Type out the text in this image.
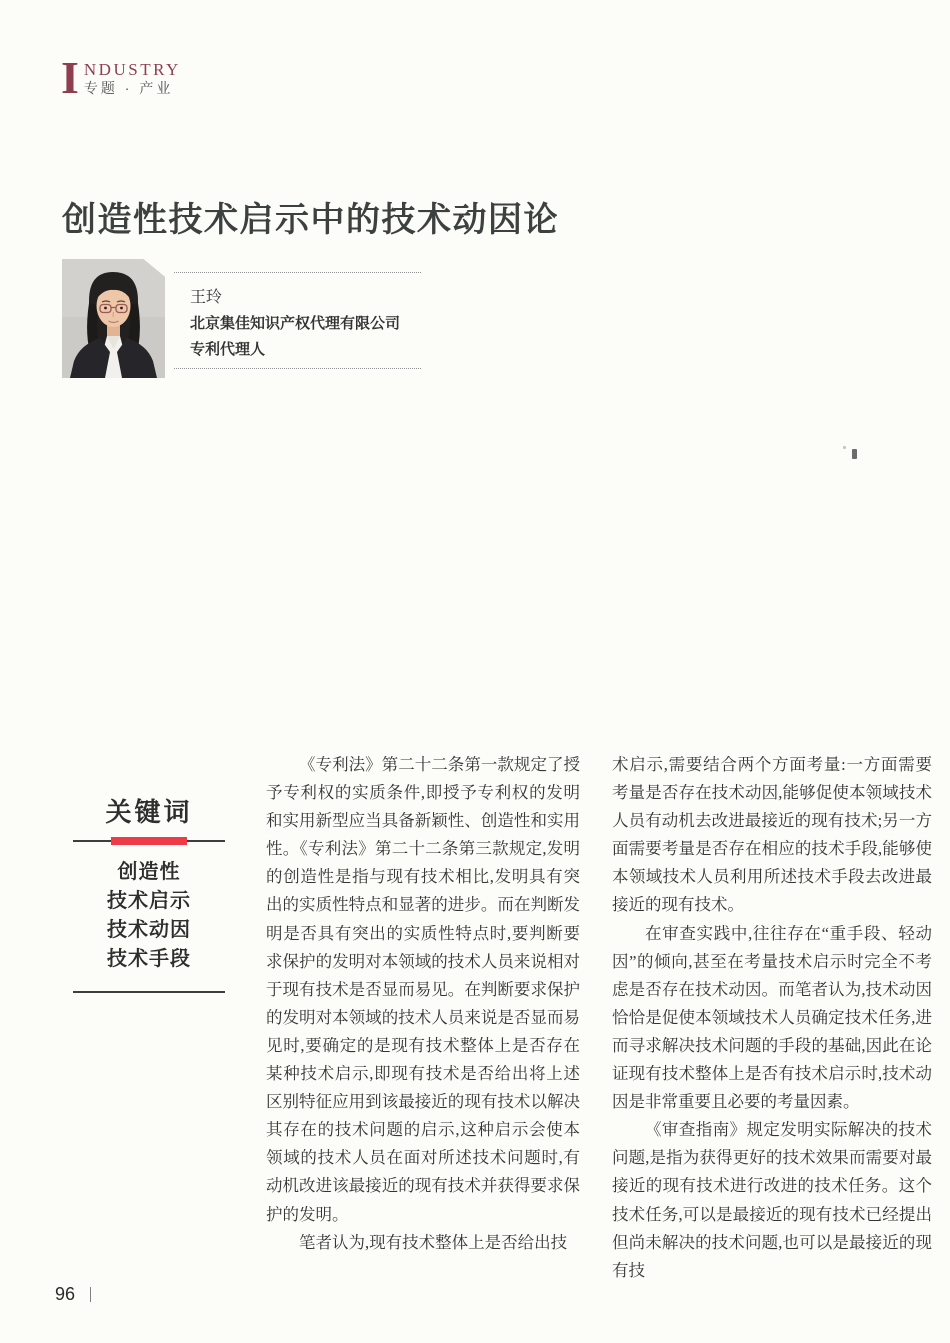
I NDUSTRY
专题 · 产业
创造性技术启示中的技术动因论
王玲
北京集佳知识产权代理有限公司
专利代理人
关键词
创造性
技术启示
技术动因
技术手段

《专利法》第二十二条第一款规定了授予专利权的实质条件,即授予专利权的发明和实用新型应当具备新颖性、创造性和实用性。《专利法》第二十二条第三款规定,发明的创造性是指与现有技术相比,发明具有突出的实质性特点和显著的进步。而在判断发明是否具有突出的实质性特点时,要判断要求保护的发明对本领域的技术人员来说相对于现有技术是否显而易见。在判断要求保护的发明对本领域的技术人员来说是否显而易见时,要确定的是现有技术整体上是否存在某种技术启示,即现有技术是否给出将上述区别特征应用到该最接近的现有技术以解决其存在的技术问题的启示,这种启示会使本领域的技术人员在面对所述技术问题时,有动机改进该最接近的现有技术并获得要求保护的发明。

笔者认为,现有技术整体上是否给出技

术启示,需要结合两个方面考量:一方面需要考量是否存在技术动因,能够促使本领域技术人员有动机去改进最接近的现有技术;另一方面需要考量是否存在相应的技术手段,能够使本领域技术人员利用所述技术手段去改进最接近的现有技术。

在审查实践中,往往存在“重手段、轻动因”的倾向,甚至在考量技术启示时完全不考虑是否存在技术动因。而笔者认为,技术动因恰恰是促使本领域技术人员确定技术任务,进而寻求解决技术问题的手段的基础,因此在论证现有技术整体上是否有技术启示时,技术动因是非常重要且必要的考量因素。

《审查指南》规定发明实际解决的技术问题,是指为获得更好的技术效果而需要对最接近的现有技术进行改进的技术任务。这个技术任务,可以是最接近的现有技术已经提出但尚未解决的技术问题,也可以是最接近的现有技

96
